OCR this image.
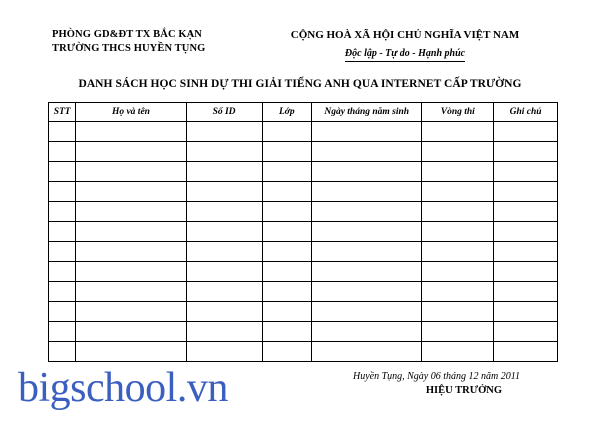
PHÒNG GD&ĐT TX BẮC KẠN
TRƯỜNG THCS HUYỀN TỤNG
CỘNG HOÀ XÃ HỘI CHỦ NGHĨA VIỆT NAM
Độc lập - Tự do - Hạnh phúc
DANH SÁCH HỌC SINH DỰ THI GIẢI TIẾNG ANH QUA INTERNET CẤP TRƯỜNG
STT	Họ và tên	Số ID	Lớp	Ngày tháng năm sinh	Vòng thi	Ghi chú

Huyền Tụng, Ngày 06 tháng 12 năm 2011
HIỆU TRƯỞNG
bigschool.vn
